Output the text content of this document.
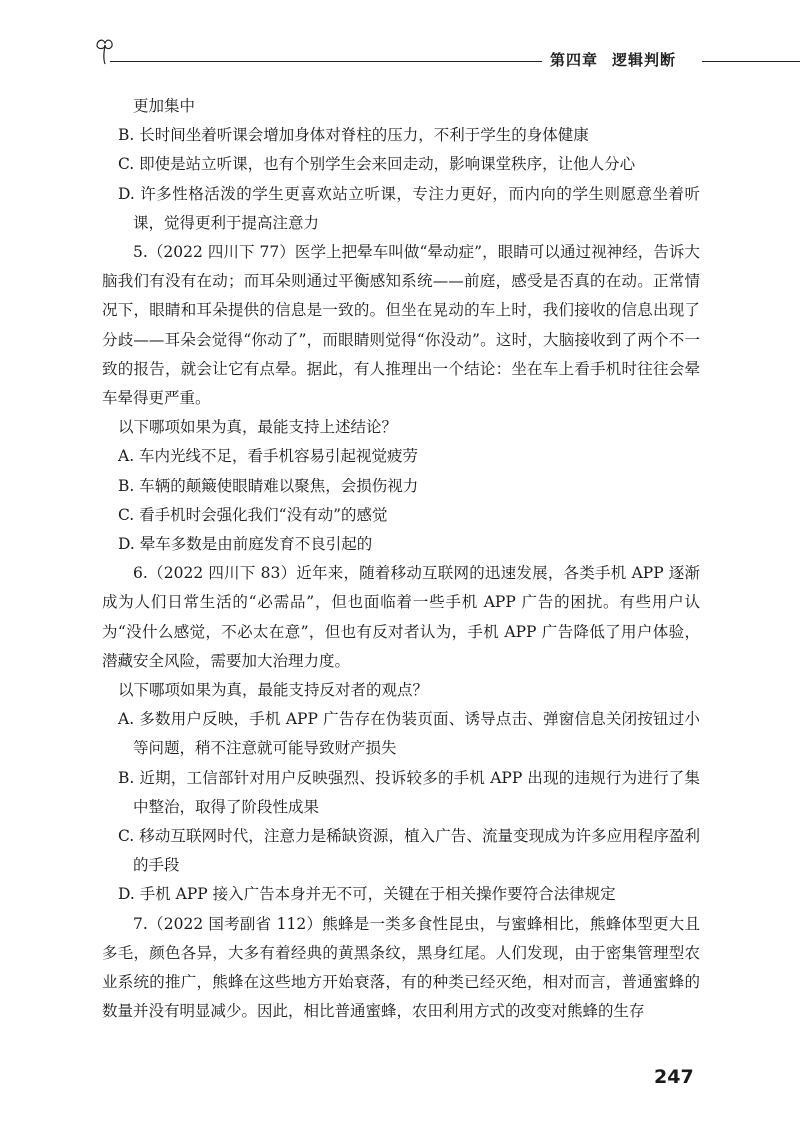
第四章 逻辑判断

更加集中

B. 长时间坐着听课会增加身体对脊柱的压力，不利于学生的身体健康

C. 即使是站立听课，也有个别学生会来回走动，影响课堂秩序，让他人分心

D. 许多性格活泼的学生更喜欢站立听课，专注力更好，而内向的学生则愿意坐着听课，觉得更利于提高注意力

5.（2022 四川下 77）医学上把晕车叫做“晕动症”，眼睛可以通过视神经，告诉大脑我们有没有在动；而耳朵则通过平衡感知系统——前庭，感受是否真的在动。正常情况下，眼睛和耳朵提供的信息是一致的。但坐在晃动的车上时，我们接收的信息出现了分歧——耳朵会觉得“你动了”，而眼睛则觉得“你没动”。这时，大脑接收到了两个不一致的报告，就会让它有点晕。据此，有人推理出一个结论：坐在车上看手机时往往会晕车晕得更严重。

以下哪项如果为真，最能支持上述结论？

A. 车内光线不足，看手机容易引起视觉疲劳

B. 车辆的颠簸使眼睛难以聚焦，会损伤视力

C. 看手机时会强化我们“没有动”的感觉

D. 晕车多数是由前庭发育不良引起的

6.（2022 四川下 83）近年来，随着移动互联网的迅速发展，各类手机 APP 逐渐成为人们日常生活的“必需品”，但也面临着一些手机 APP 广告的困扰。有些用户认为“没什么感觉，不必太在意”，但也有反对者认为，手机 APP 广告降低了用户体验，潜藏安全风险，需要加大治理力度。

以下哪项如果为真，最能支持反对者的观点？

A. 多数用户反映，手机 APP 广告存在伪装页面、诱导点击、弹窗信息关闭按钮过小等问题，稍不注意就可能导致财产损失

B. 近期，工信部针对用户反映强烈、投诉较多的手机 APP 出现的违规行为进行了集中整治，取得了阶段性成果

C. 移动互联网时代，注意力是稀缺资源，植入广告、流量变现成为许多应用程序盈利的手段

D. 手机 APP 接入广告本身并无不可，关键在于相关操作要符合法律规定

7.（2022 国考副省 112）熊蜂是一类多食性昆虫，与蜜蜂相比，熊蜂体型更大且多毛，颜色各异，大多有着经典的黄黑条纹，黑身红尾。人们发现，由于密集管理型农业系统的推广，熊蜂在这些地方开始衰落，有的种类已经灭绝，相对而言，普通蜜蜂的数量并没有明显减少。因此，相比普通蜜蜂，农田利用方式的改变对熊蜂的生存

247
